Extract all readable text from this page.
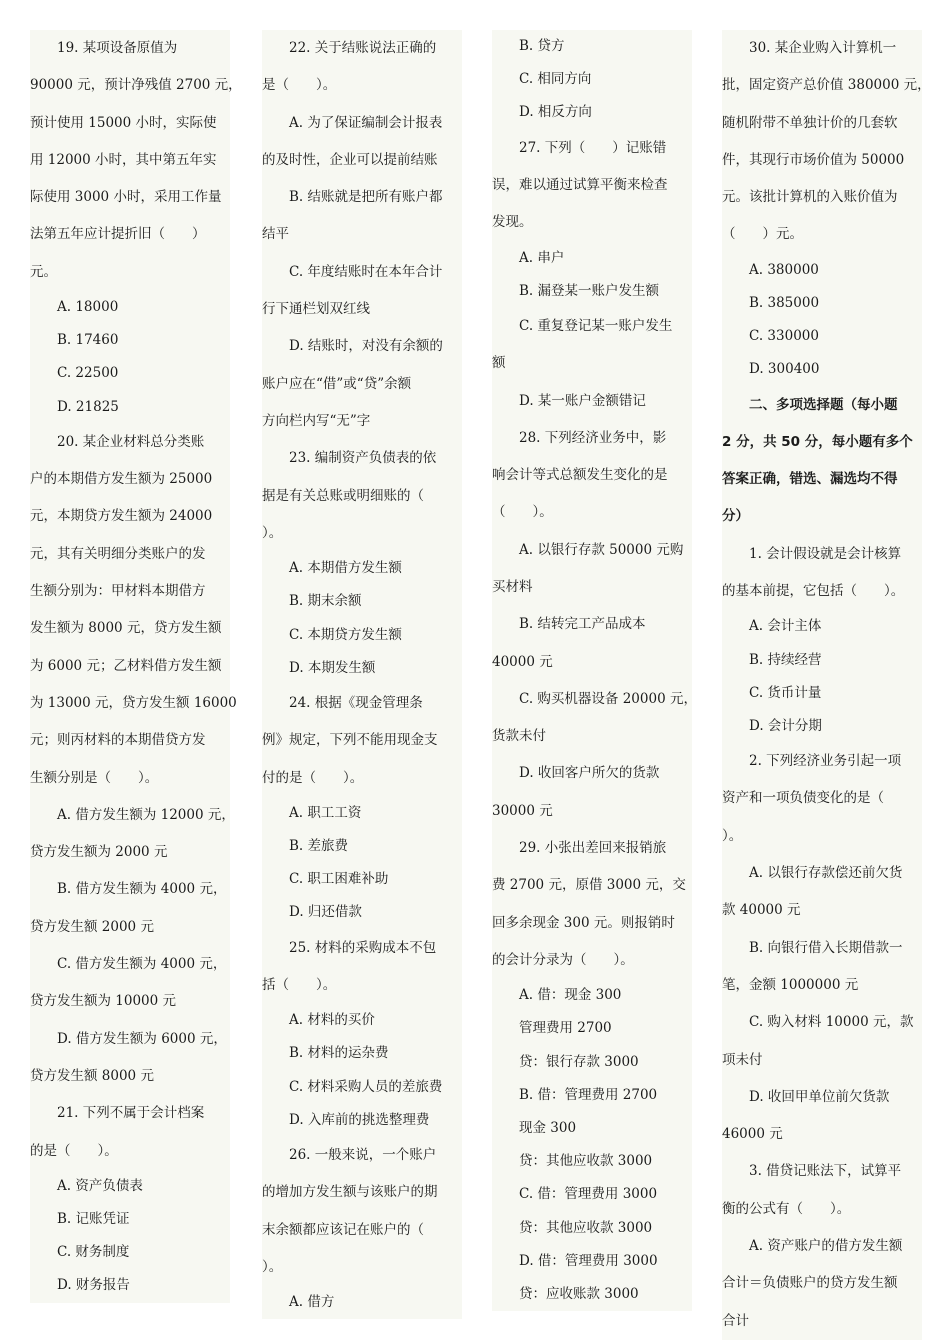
19. 某项设备原值为

90000 元，预计净残值 2700 元，

预计使用 15000 小时，实际使

用 12000 小时，其中第五年实

际使用 3000 小时，采用工作量

法第五年应计提折旧（　　）

元。

A. 18000

B. 17460

C. 22500

D. 21825

20. 某企业材料总分类账

户的本期借方发生额为 25000

元，本期贷方发生额为 24000

元，其有关明细分类账户的发

生额分别为：甲材料本期借方

发生额为 8000 元，贷方发生额

为 6000 元；乙材料借方发生额

为 13000 元，贷方发生额 16000

元；则丙材料的本期借贷方发

生额分别是（　　）。

A. 借方发生额为 12000 元，

贷方发生额为 2000 元

B. 借方发生额为 4000 元，

贷方发生额 2000 元

C. 借方发生额为 4000 元，

贷方发生额为 10000 元

D. 借方发生额为 6000 元，

贷方发生额 8000 元

21. 下列不属于会计档案

的是（　　）。

A. 资产负债表

B. 记账凭证

C. 财务制度

D. 财务报告

22. 关于结账说法正确的

是（　　）。

A. 为了保证编制会计报表

的及时性，企业可以提前结账

B. 结账就是把所有账户都

结平

C. 年度结账时在本年合计

行下通栏划双红线

D. 结账时，对没有余额的

账户应在“借”或“贷”余额

方向栏内写“无”字

23. 编制资产负债表的依

据是有关总账或明细账的（

）。

A. 本期借方发生额

B. 期末余额

C. 本期贷方发生额

D. 本期发生额

24. 根据《现金管理条

例》规定，下列不能用现金支

付的是（　　）。

A. 职工工资

B. 差旅费

C. 职工困难补助

D. 归还借款

25. 材料的采购成本不包

括（　　）。

A. 材料的买价

B. 材料的运杂费

C. 材料采购人员的差旅费

D. 入库前的挑选整理费

26. 一般来说，一个账户

的增加方发生额与该账户的期

末余额都应该记在账户的（

）。

A. 借方

B. 贷方

C. 相同方向

D. 相反方向

27. 下列（　　）记账错

误，难以通过试算平衡来检查

发现。

A. 串户

B. 漏登某一账户发生额

C. 重复登记某一账户发生

额

D. 某一账户金额错记

28. 下列经济业务中，影

响会计等式总额发生变化的是

（　　）。

A. 以银行存款 50000 元购

买材料

B. 结转完工产品成本

40000 元

C. 购买机器设备 20000 元，

货款未付

D. 收回客户所欠的货款

30000 元

29. 小张出差回来报销旅

费 2700 元，原借 3000 元，交

回多余现金 300 元。则报销时

的会计分录为（　　）。

A. 借：现金 300

管理费用 2700

贷：银行存款 3000

B. 借：管理费用 2700

现金 300

贷：其他应收款 3000

C. 借：管理费用 3000

贷：其他应收款 3000

D. 借：管理费用 3000

贷：应收账款 3000

30. 某企业购入计算机一

批，固定资产总价值 380000 元，

随机附带不单独计价的几套软

件，其现行市场价值为 50000

元。该批计算机的入账价值为

（　　）元。

A. 380000

B. 385000

C. 330000

D. 300400

二、多项选择题（每小题

2 分，共 50 分，每小题有多个

答案正确，错选、漏选均不得

分）

1. 会计假设就是会计核算

的基本前提，它包括（　　）。

A. 会计主体

B. 持续经营

C. 货币计量

D. 会计分期

2. 下列经济业务引起一项

资产和一项负债变化的是（

）。

A. 以银行存款偿还前欠货

款 40000 元

B. 向银行借入长期借款一

笔，金额 1000000 元

C. 购入材料 10000 元，款

项未付

D. 收回甲单位前欠货款

46000 元

3. 借贷记账法下，试算平

衡的公式有（　　）。

A. 资产账户的借方发生额

合计＝负债账户的贷方发生额

合计
